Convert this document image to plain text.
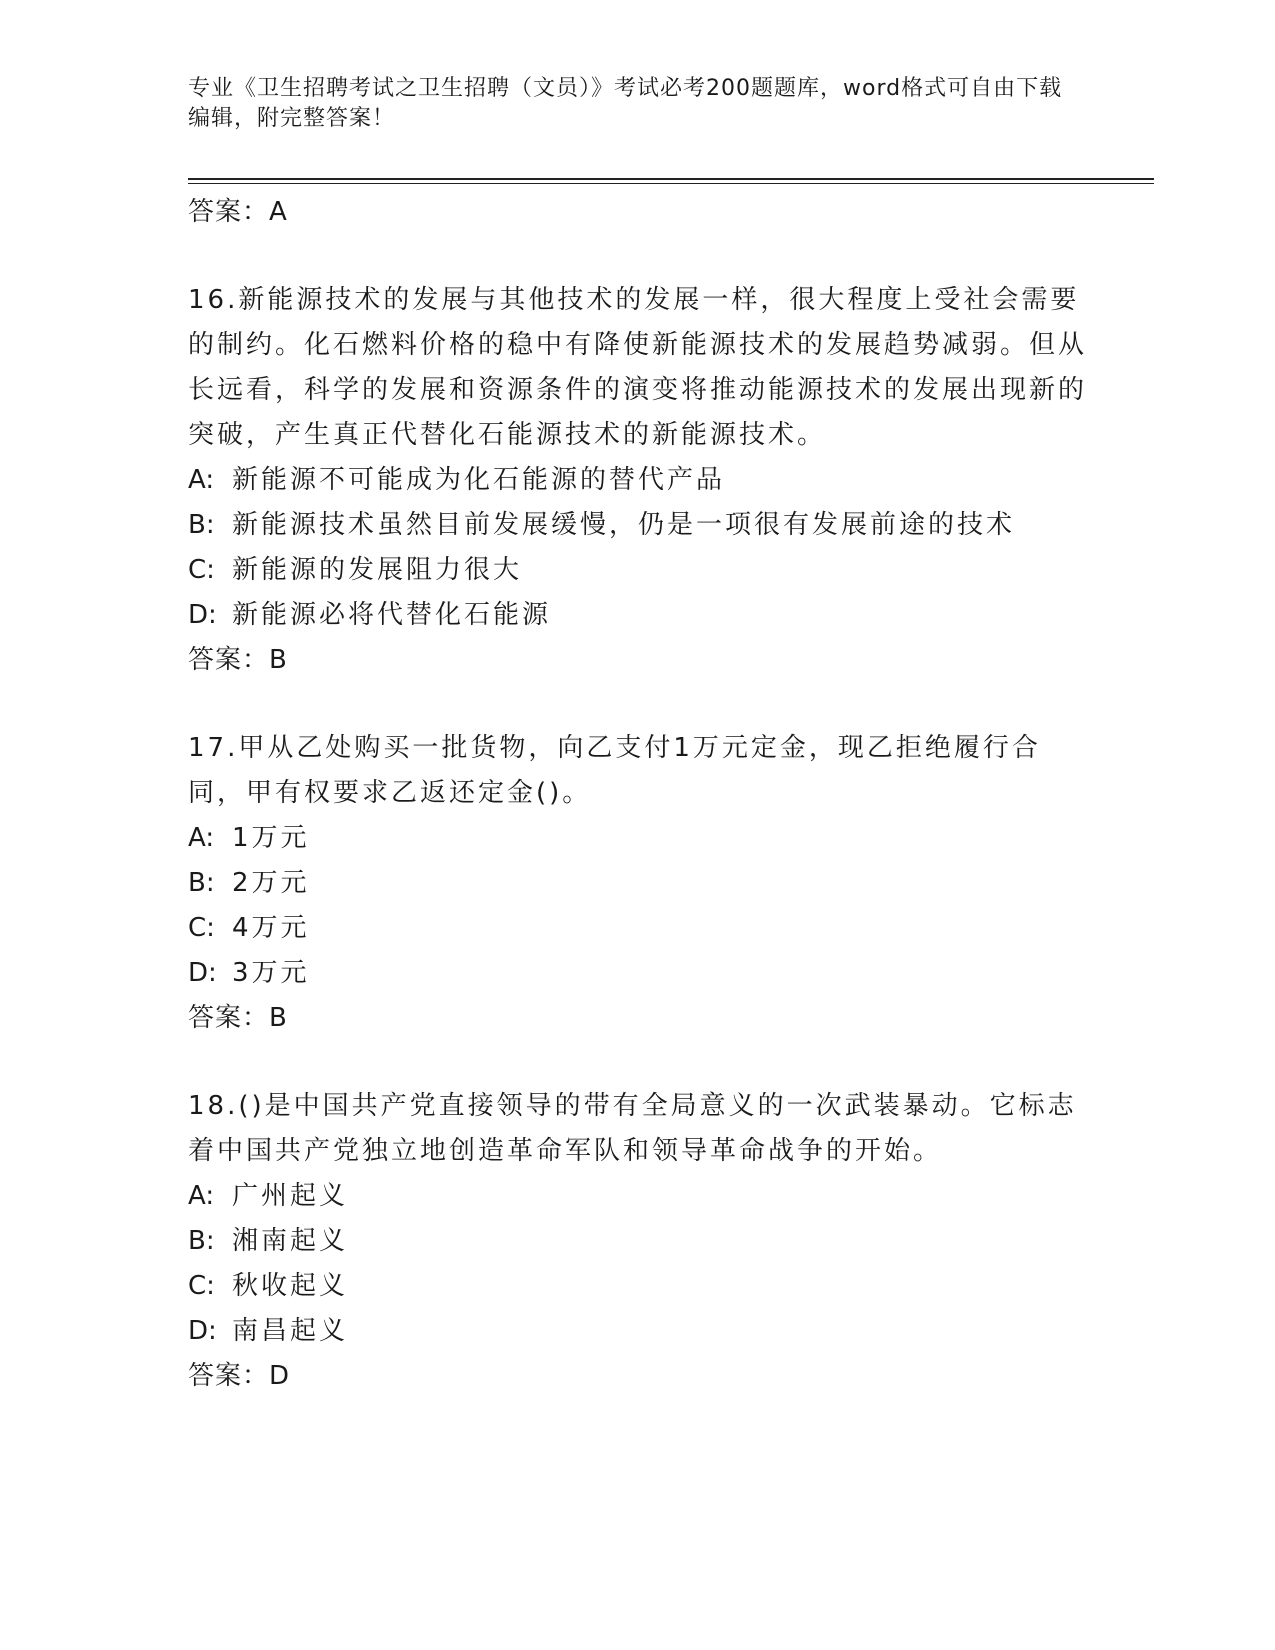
专业《卫生招聘考试之卫生招聘（文员）》考试必考200题题库，word格式可自由下载编辑，附完整答案！
答案：A
16.新能源技术的发展与其他技术的发展一样，很大程度上受社会需要的制约。化石燃料价格的稳中有降使新能源技术的发展趋势减弱。但从长远看，科学的发展和资源条件的演变将推动能源技术的发展出现新的突破，产生真正代替化石能源技术的新能源技术。
A: 新能源不可能成为化石能源的替代产品
B: 新能源技术虽然目前发展缓慢，仍是一项很有发展前途的技术
C: 新能源的发展阻力很大
D: 新能源必将代替化石能源
答案：B
17.甲从乙处购买一批货物，向乙支付1万元定金，现乙拒绝履行合同，甲有权要求乙返还定金()。
A: 1万元
B: 2万元
C: 4万元
D: 3万元
答案：B
18.()是中国共产党直接领导的带有全局意义的一次武装暴动。它标志着中国共产党独立地创造革命军队和领导革命战争的开始。
A: 广州起义
B: 湘南起义
C: 秋收起义
D: 南昌起义
答案：D
